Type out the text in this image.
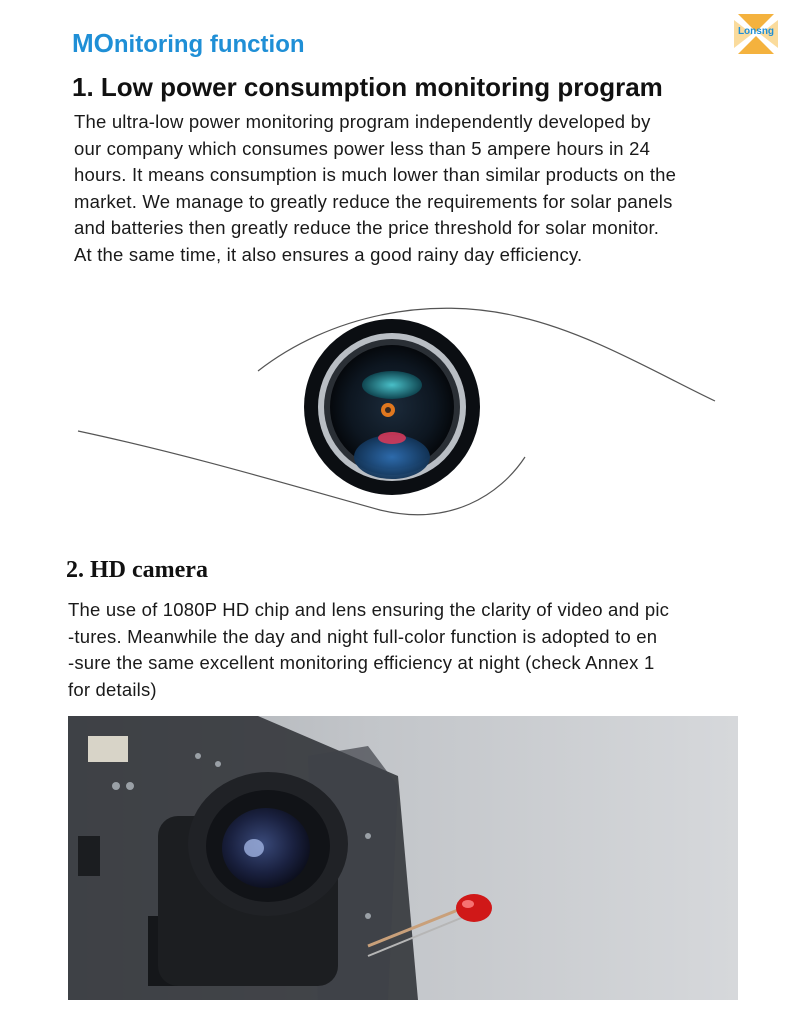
MOnitoring function	Lonsng
1. Low power consumption monitoring program
The ultra-low power monitoring program independently developed by
our company which consumes power less than 5 ampere hours in 24
hours. It means consumption is much lower than similar products on the
market. We manage to greatly reduce the requirements for solar panels
and batteries then greatly reduce the price threshold for solar monitor.
At the same time, it also ensures a good rainy day efficiency.
2. HD camera
The use of 1080P HD chip and lens ensuring the clarity of video and pic
-tures. Meanwhile the day and night full-color function is adopted to en
-sure the same excellent monitoring efficiency at night (check Annex 1
for details)
